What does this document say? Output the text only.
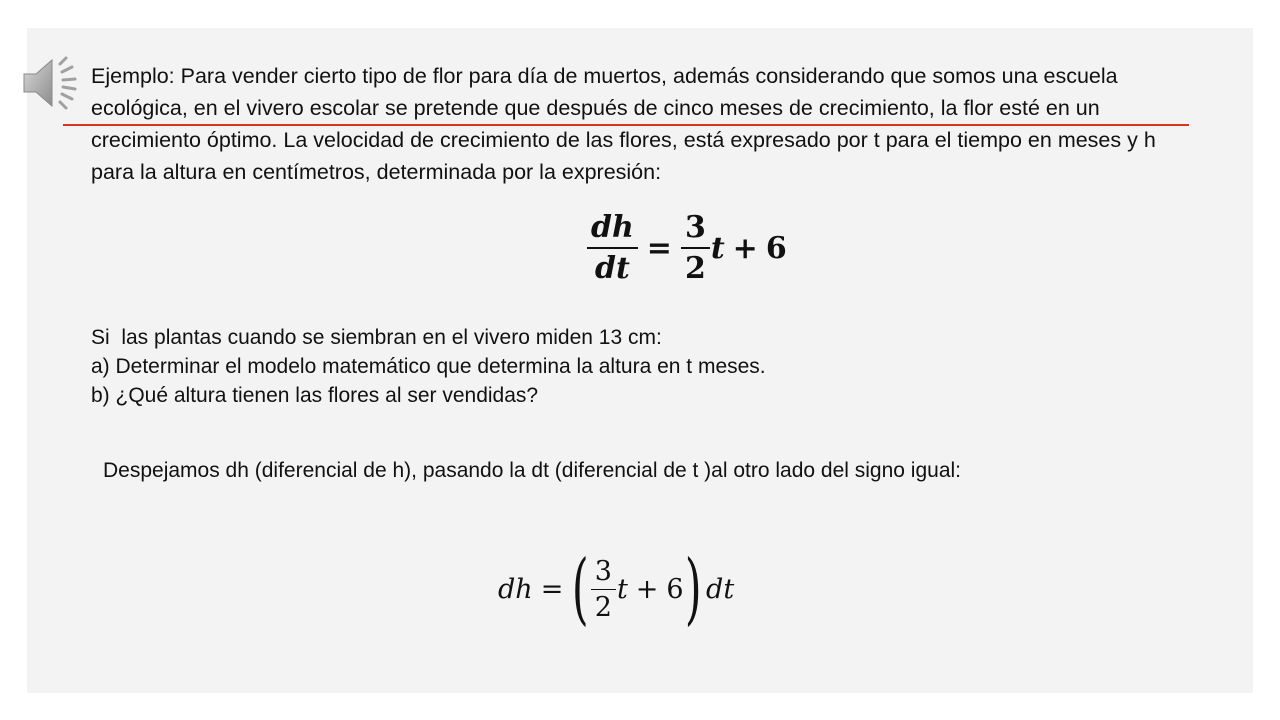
Ejemplo: Para vender cierto tipo de flor para día de muertos, además considerando que somos una escuela ecológica, en el vivero escolar se pretende que después de cinco meses de crecimiento, la flor esté en un crecimiento óptimo. La velocidad de crecimiento de las flores, está expresado por t para el tiempo en meses y h para la altura en centímetros, determinada por la expresión:

$\frac{dh}{dt} = \frac{3}{2}$ t + 6
Si  las plantas cuando se siembran en el vivero miden 13 cm:
a) Determinar el modelo matemático que determina la altura en t meses.
b) ¿Qué altura tienen las flores al ser vendidas?
Despejamos dh (diferencial de h), pasando la dt (diferencial de t )al otro lado del signo igual:
dh = ( $\frac{3}{2}$ t + 6 ) dt
